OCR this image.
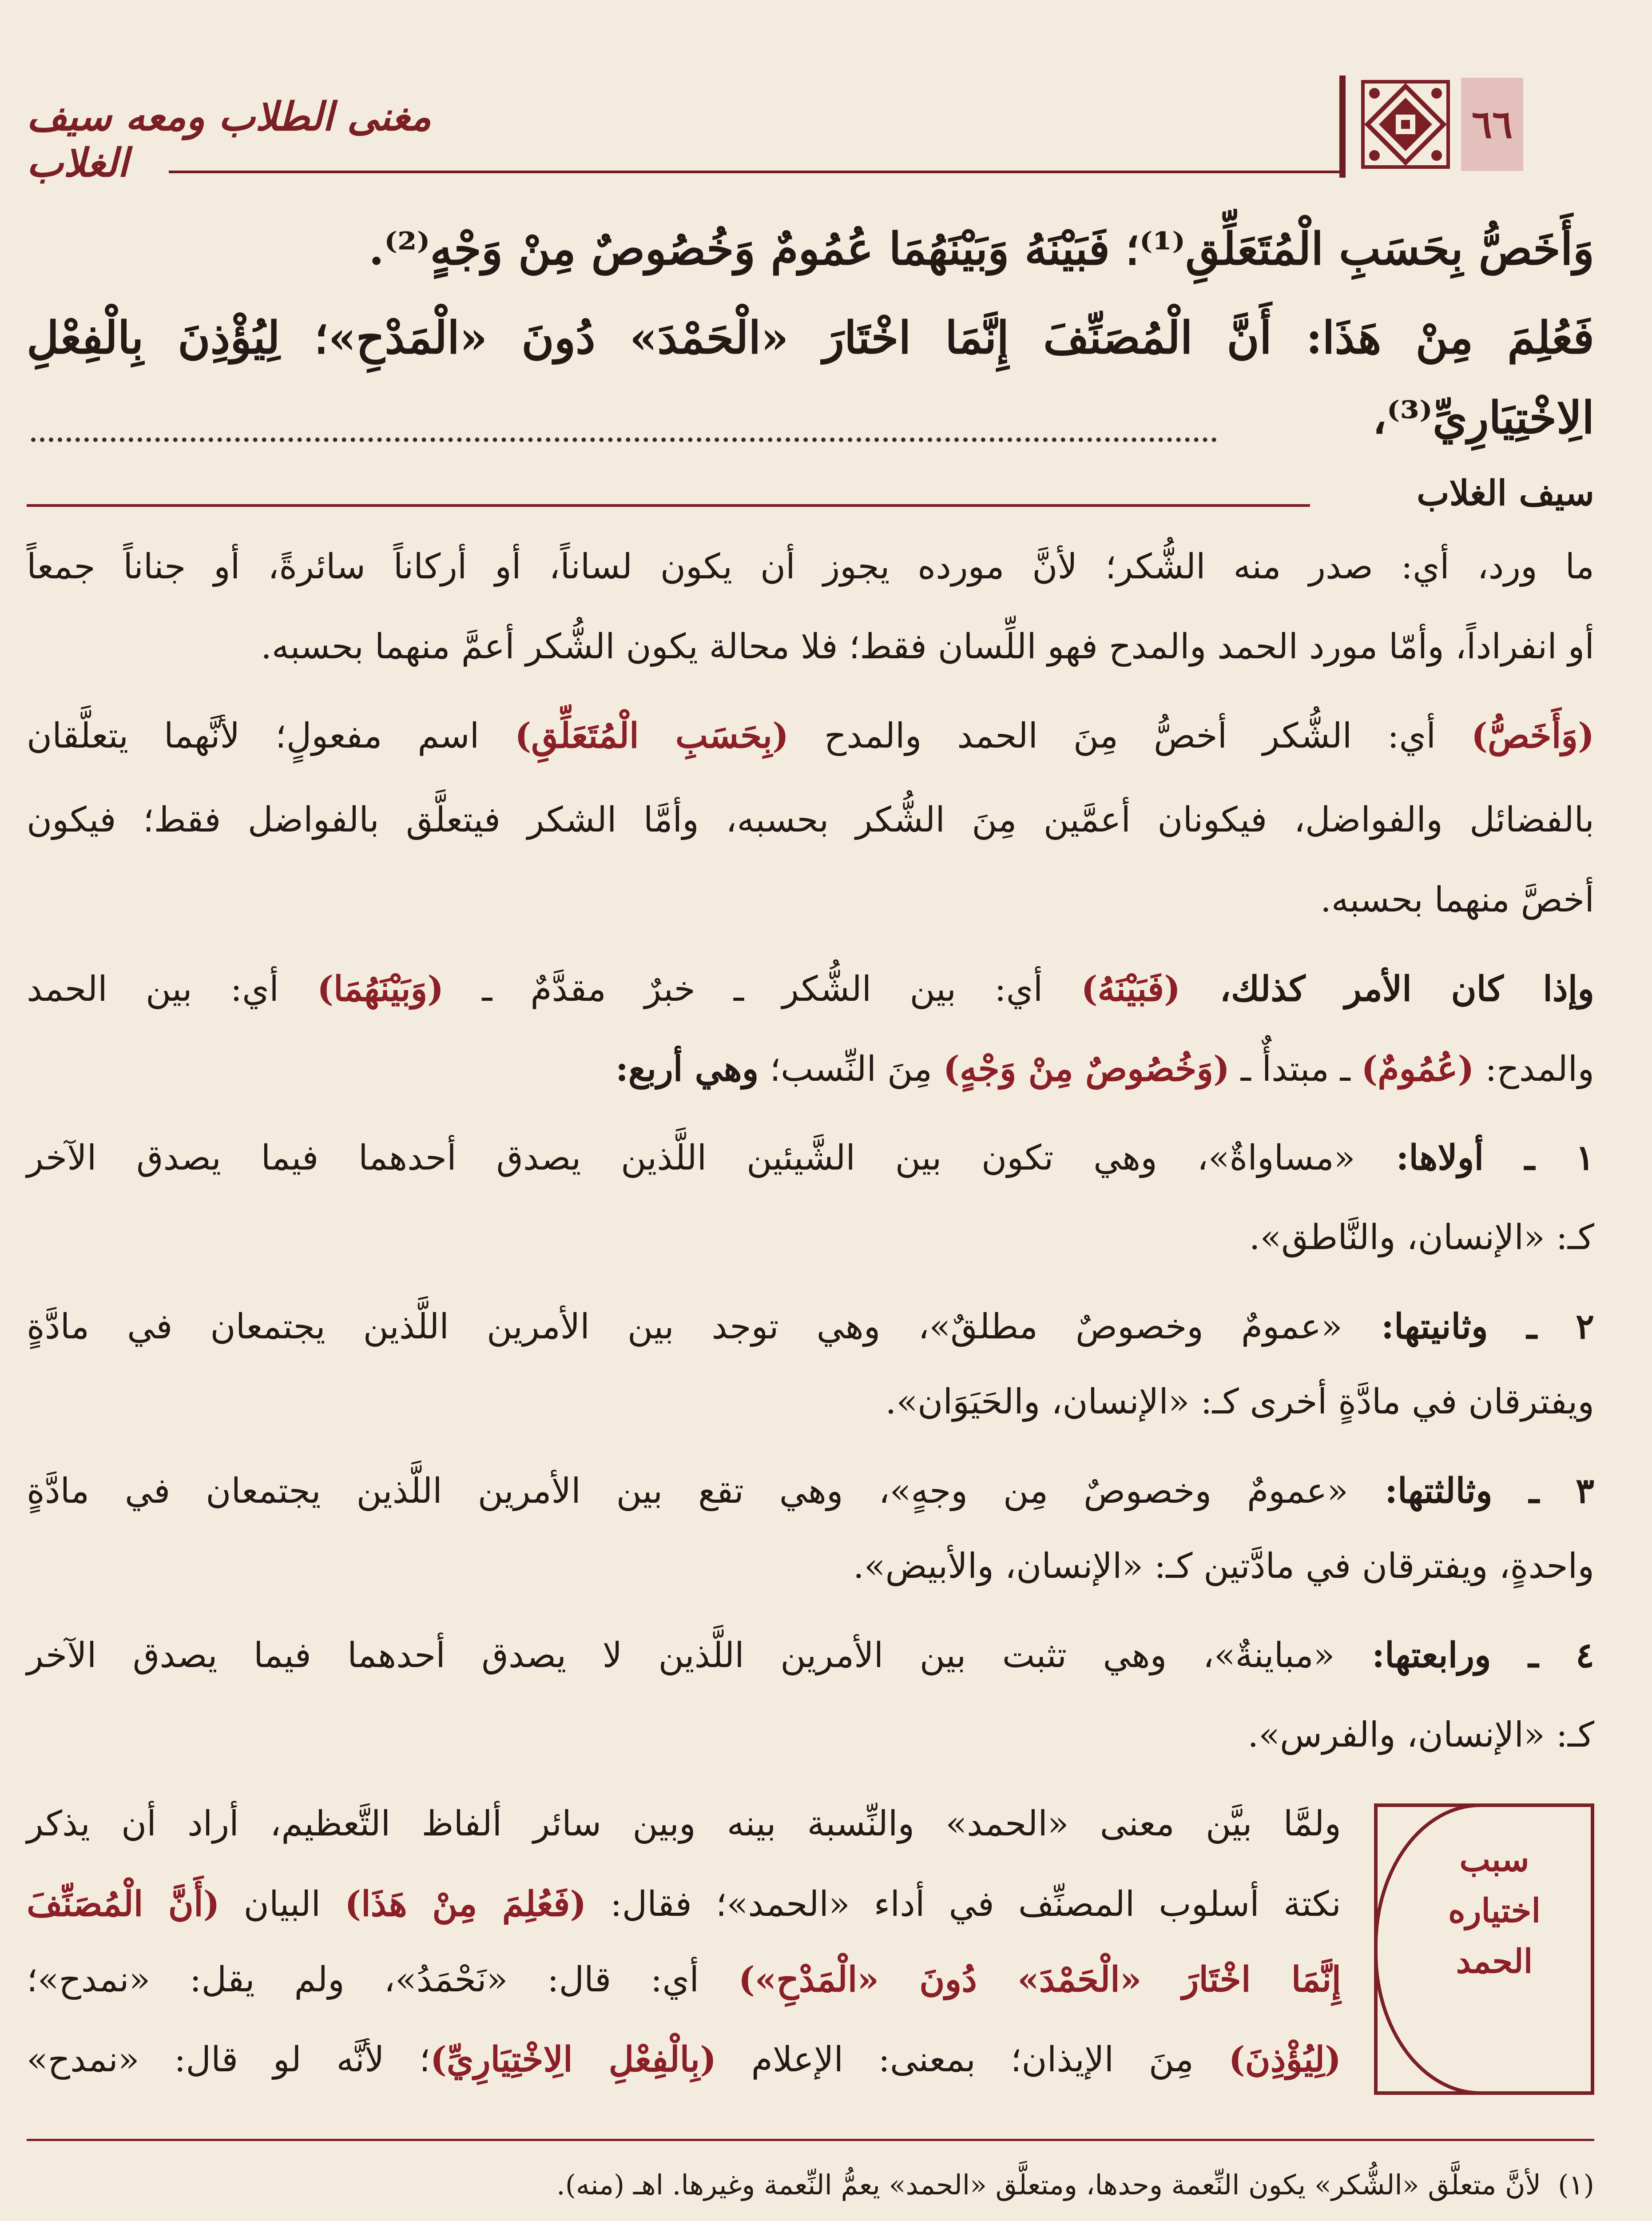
٦٦
مغنى الطلاب ومعه سيف الغلاب
وَأَخَصُّ بِحَسَبِ الْمُتَعَلِّقِ⁽¹⁾؛ فَبَيْنَهُ وَبَيْنَهُمَا عُمُومٌ وَخُصُوصٌ مِنْ وَجْهٍ⁽²⁾.
فَعُلِمَ مِنْ هَذَا: أَنَّ الْمُصَنِّفَ إِنَّمَا اخْتَارَ «الْحَمْدَ» دُونَ «الْمَدْحِ»؛ لِيُؤْذِنَ بِالْفِعْلِ
الِاخْتِيَارِيِّ⁽³⁾،
سيف الغلاب
ما ورد، أي: صدر منه الشُّكر؛ لأنَّ مورده يجوز أن يكون لساناً، أو أركاناً سائرةً، أو جناناً جمعاً
أو انفراداً، وأمّا مورد الحمد والمدح فهو اللِّسان فقط؛ فلا محالة يكون الشُّكر أعمَّ منهما بحسبه.
(وَأَخَصُّ) أي: الشُّكر أخصُّ مِنَ الحمد والمدح (بِحَسَبِ الْمُتَعَلِّقِ) اسم مفعولٍ؛ لأنَّهما يتعلَّقان
بالفضائل والفواضل، فيكونان أعمَّين مِنَ الشُّكر بحسبه، وأمَّا الشكر فيتعلَّق بالفواضل فقط؛ فيكون
أخصَّ منهما بحسبه.
وإذا كان الأمر كذلك، (فَبَيْنَهُ) أي: بين الشُّكر ـ خبرٌ مقدَّمٌ ـ (وَبَيْنَهُمَا) أي: بين الحمد
والمدح: (عُمُومٌ) ـ مبتدأٌ ـ (وَخُصُوصٌ مِنْ وَجْهٍ) مِنَ النِّسب؛ وهي أربع:
١ ـ أولاها: «مساواةٌ»، وهي تكون بين الشَّيئين اللَّذين يصدق أحدهما فيما يصدق الآخر
كـ: «الإنسان، والنَّاطق».
٢ ـ وثانيتها: «عمومٌ وخصوصٌ مطلقٌ»، وهي توجد بين الأمرين اللَّذين يجتمعان في مادَّةٍ
ويفترقان في مادَّةٍ أخرى كـ: «الإنسان، والحَيَوَان».
٣ ـ وثالثتها: «عمومٌ وخصوصٌ مِن وجهٍ»، وهي تقع بين الأمرين اللَّذين يجتمعان في مادَّةٍ
واحدةٍ، ويفترقان في مادَّتين كـ: «الإنسان، والأبيض».
٤ ـ ورابعتها: «مباينةٌ»، وهي تثبت بين الأمرين اللَّذين لا يصدق أحدهما فيما يصدق الآخر
كـ: «الإنسان، والفرس».
سبب
اختياره
الحمد
ولمَّا بيَّن معنى «الحمد» والنِّسبة بينه وبين سائر ألفاظ التَّعظيم، أراد أن يذكر
نكتة أسلوب المصنِّف في أداء «الحمد»؛ فقال: (فَعُلِمَ مِنْ هَذَا) البيان (أَنَّ الْمُصَنِّفَ
إِنَّمَا اخْتَارَ «الْحَمْدَ» دُونَ «الْمَدْحِ») أي: قال: «نَحْمَدُ»، ولم يقل: «نمدح»؛
(لِيُؤْذِنَ) مِنَ الإيذان؛ بمعنى: الإعلام (بِالْفِعْلِ الِاخْتِيَارِيِّ)؛ لأنَّه لو قال: «نمدح»
(١)لأنَّ متعلَّق «الشُّكر» يكون النِّعمة وحدها، ومتعلَّق «الحمد» يعمُّ النِّعمة وغيرها. اهـ (منه).
